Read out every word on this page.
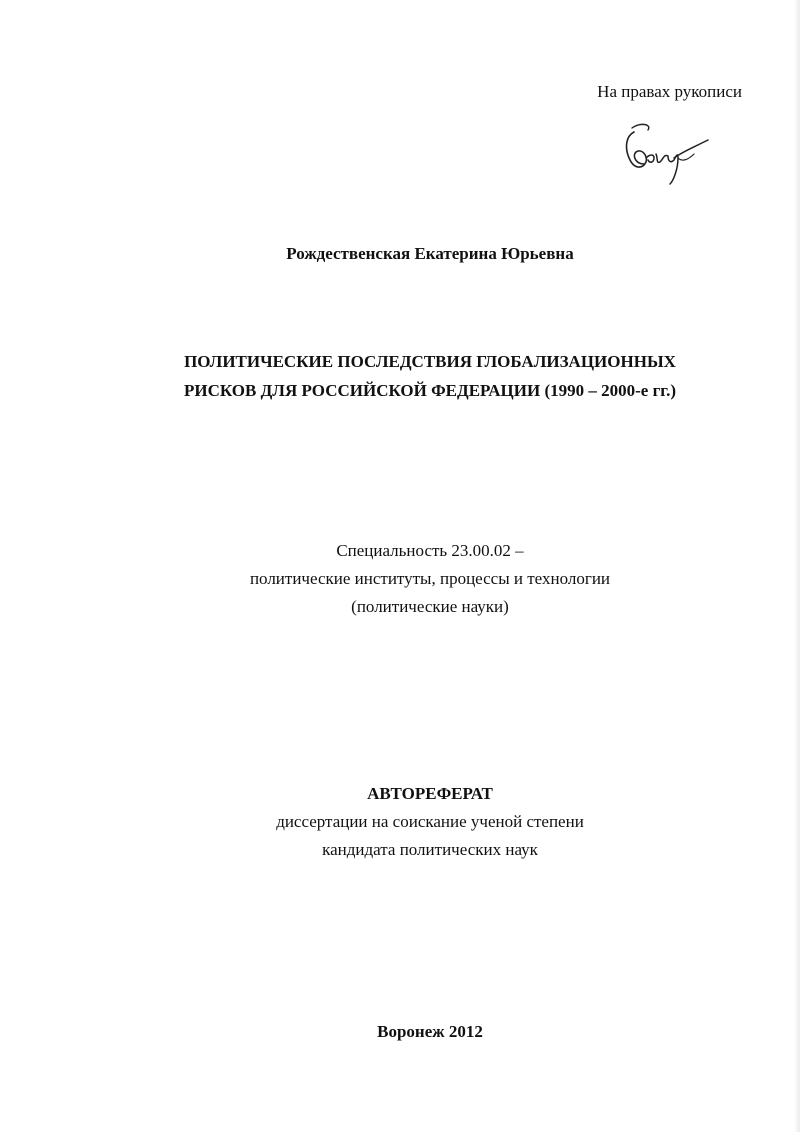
На правах рукописи
Рождественская Екатерина Юрьевна
ПОЛИТИЧЕСКИЕ ПОСЛЕДСТВИЯ ГЛОБАЛИЗАЦИОННЫХ
РИСКОВ ДЛЯ РОССИЙСКОЙ ФЕДЕРАЦИИ (1990 – 2000-е гг.)
Специальность 23.00.02 –
политические институты, процессы и технологии
(политические науки)
АВТОРЕФЕРАТ
диссертации на соискание ученой степени
кандидата политических наук
Воронеж 2012
